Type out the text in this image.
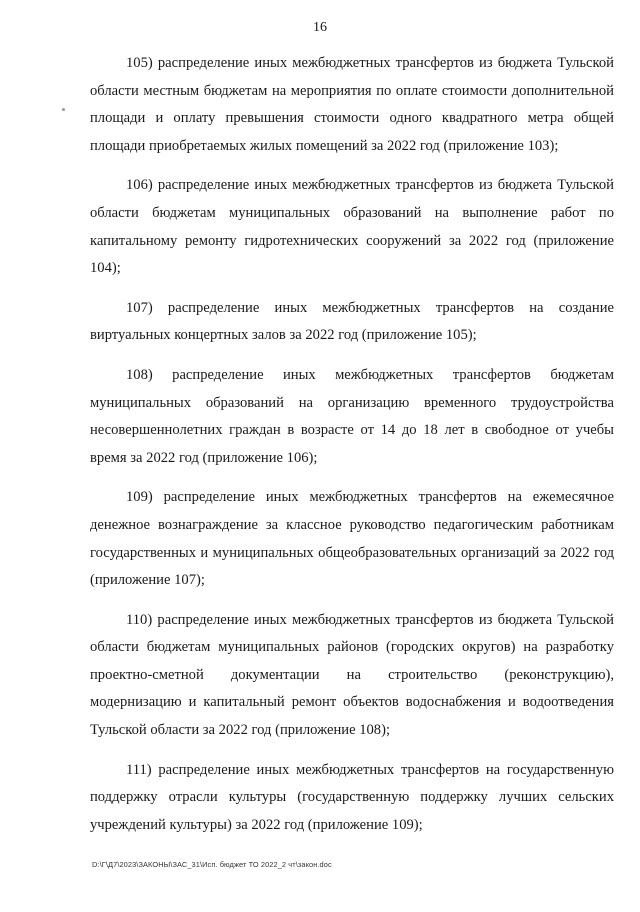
16

105) распределение иных межбюджетных трансфертов из бюджета Тульской области местным бюджетам на мероприятия по оплате стоимости дополнительной площади и оплату превышения стоимости одного квадратного метра общей площади приобретаемых жилых помещений за 2022 год (приложение 103);

106) распределение иных межбюджетных трансфертов из бюджета Тульской области бюджетам муниципальных образований на выполнение работ по капитальному ремонту гидротехнических сооружений за 2022 год (приложение 104);

107) распределение иных межбюджетных трансфертов на создание виртуальных концертных залов за 2022 год (приложение 105);

108) распределение иных межбюджетных трансфертов бюджетам муниципальных образований на организацию временного трудоустройства несовершеннолетних граждан в возрасте от 14 до 18 лет в свободное от учебы время за 2022 год (приложение 106);

109) распределение иных межбюджетных трансфертов на ежемесячное денежное вознаграждение за классное руководство педагогическим работникам государственных и муниципальных общеобразовательных организаций за 2022 год (приложение 107);

110) распределение иных межбюджетных трансфертов из бюджета Тульской области бюджетам муниципальных районов (городских округов) на разработку проектно-сметной документации на строительство (реконструкцию), модернизацию и капитальный ремонт объектов водоснабжения и водоотведения Тульской области за 2022 год (приложение 108);

111) распределение иных межбюджетных трансфертов на государственную поддержку отрасли культуры (государственную поддержку лучших сельских учреждений культуры) за 2022 год (приложение 109);

D:\Г\Д7\2023\ЗАКОНЫ\ЗАС_31\Исп. бюджет ТО 2022_2 чт\закон.doc
